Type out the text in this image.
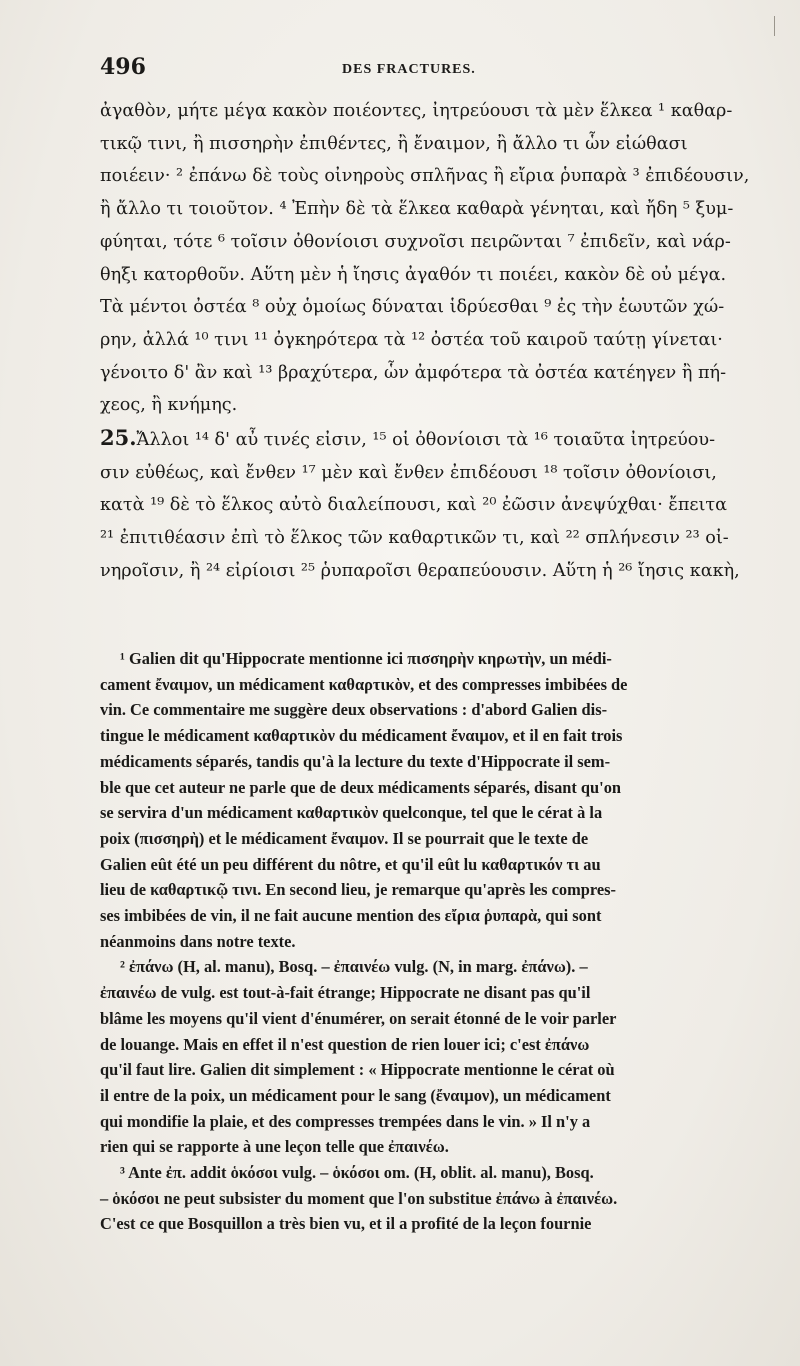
496	DES FRACTURES.
ἀγαθὸν, μήτε μέγα κακὸν ποιέοντες, ἰητρεύουσι τὰ μὲν ἕλκεα ¹ καθαρ-
τικῷ τινι, ἢ πισσηρὴν ἐπιθέντες, ἢ ἔναιμον, ἢ ἄλλο τι ὧν εἰώθασι
ποιέειν· ² ἐπάνω δὲ τοὺς οἰνηροὺς σπλῆνας ἢ εἴρια ῥυπαρὰ ³ ἐπιδέουσιν,
ἢ ἄλλο τι τοιοῦτον. ⁴ Ἐπὴν δὲ τὰ ἕλκεα καθαρὰ γένηται, καὶ ἤδη ⁵ ξυμ-
φύηται, τότε ⁶ τοῖσιν ὀθονίοισι συχνοῖσι πειρῶνται ⁷ ἐπιδεῖν, καὶ νάρ-
θηξι κατορθοῦν. Αὕτη μὲν ἡ ἴησις ἀγαθόν τι ποιέει, κακὸν δὲ οὐ μέγα.
Τὰ μέντοι ὀστέα ⁸ οὐχ ὁμοίως δύναται ἱδρύεσθαι ⁹ ἐς τὴν ἑωυτῶν χώ-
ρην, ἀλλά ¹⁰ τινι ¹¹ ὀγκηρότερα τὰ ¹² ὀστέα τοῦ καιροῦ ταύτῃ γίνεται·
γένοιτο δ' ἂν καὶ ¹³ βραχύτερα, ὧν ἀμφότερα τὰ ὀστέα κατέηγεν ἢ πή-
χεος, ἢ κνήμης.
25.Ἄλλοι ¹⁴ δ' αὖ τινές εἰσιν, ¹⁵ οἱ ὀθονίοισι τὰ ¹⁶ τοιαῦτα ἰητρεύου-
σιν εὐθέως, καὶ ἔνθεν ¹⁷ μὲν καὶ ἔνθεν ἐπιδέουσι ¹⁸ τοῖσιν ὀθονίοισι,
κατὰ ¹⁹ δὲ τὸ ἕλκος αὐτὸ διαλείπουσι, καὶ ²⁰ ἐῶσιν ἀνεψύχθαι· ἔπειτα
²¹ ἐπιτιθέασιν ἐπὶ τὸ ἕλκος τῶν καθαρτικῶν τι, καὶ ²² σπλήνεσιν ²³ οἰ-
νηροῖσιν, ἢ ²⁴ εἰρίοισι ²⁵ ῥυπαροῖσι θεραπεύουσιν. Αὕτη ἡ ²⁶ ἴησις κακὴ,
¹ Galien dit qu'Hippocrate mentionne ici πισσηρὴν κηρωτὴν, un médi-
cament ἔναιμον, un médicament καθαρτικὸν, et des compresses imbibées de
vin. Ce commentaire me suggère deux observations : d'abord Galien dis-
tingue le médicament καθαρτικὸν du médicament ἔναιμον, et il en fait trois
médicaments séparés, tandis qu'à la lecture du texte d'Hippocrate il sem-
ble que cet auteur ne parle que de deux médicaments séparés, disant qu'on
se servira d'un médicament καθαρτικὸν quelconque, tel que le cérat à la
poix (πισσηρὴ) et le médicament ἔναιμον. Il se pourrait que le texte de
Galien eût été un peu différent du nôtre, et qu'il eût lu καθαρτικόν τι au
lieu de καθαρτικῷ τινι. En second lieu, je remarque qu'après les compres-
ses imbibées de vin, il ne fait aucune mention des εἴρια ῥυπαρὰ, qui sont
néanmoins dans notre texte.
² ἐπάνω (H, al. manu), Bosq. – ἐπαινέω vulg. (N, in marg. ἐπάνω). –
ἐπαινέω de vulg. est tout-à-fait étrange; Hippocrate ne disant pas qu'il
blâme les moyens qu'il vient d'énumérer, on serait étonné de le voir parler
de louange. Mais en effet il n'est question de rien louer ici; c'est ἐπάνω
qu'il faut lire. Galien dit simplement : « Hippocrate mentionne le cérat où
il entre de la poix, un médicament pour le sang (ἔναιμον), un médicament
qui mondifie la plaie, et des compresses trempées dans le vin. » Il n'y a
rien qui se rapporte à une leçon telle que ἐπαινέω.
³ Ante ἐπ. addit ὁκόσοι vulg. – ὁκόσοι om. (H, oblit. al. manu), Bosq.
– ὁκόσοι ne peut subsister du moment que l'on substitue ἐπάνω à ἐπαινέω.
C'est ce que Bosquillon a très bien vu, et il a profité de la leçon fournie
